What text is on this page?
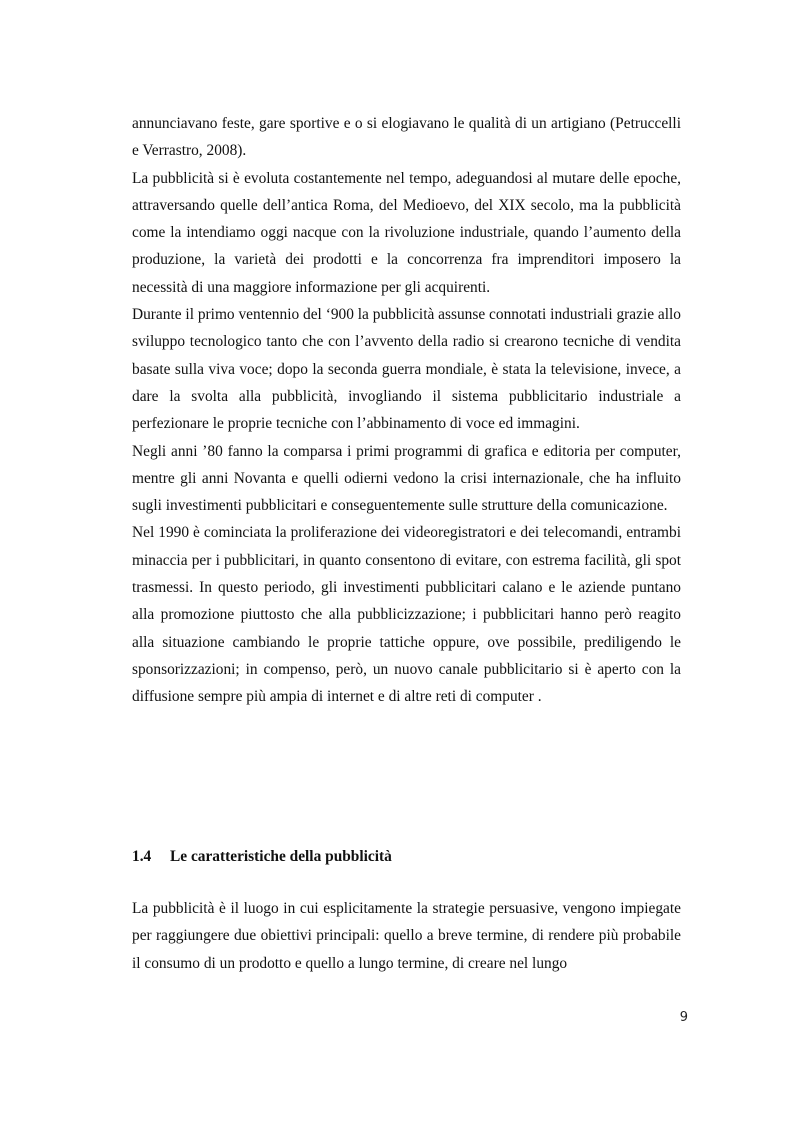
annunciavano feste, gare sportive e o si elogiavano le qualità di un artigiano (Petruccelli e Verrastro, 2008).

La pubblicità si è evoluta costantemente nel tempo, adeguandosi al mutare delle epoche, attraversando quelle dell’antica Roma, del Medioevo, del XIX secolo, ma la pubblicità come la intendiamo oggi nacque con la rivoluzione industriale, quando l’aumento della produzione, la varietà dei prodotti e la concorrenza fra imprenditori imposero la necessità di una maggiore informazione per gli acquirenti.

Durante il primo ventennio del ‘900 la pubblicità assunse connotati industriali grazie allo sviluppo tecnologico tanto che con l’avvento della radio si crearono tecniche di vendita basate sulla viva voce; dopo la seconda guerra mondiale, è stata la televisione, invece, a dare la svolta alla pubblicità, invogliando il sistema pubblicitario industriale a perfezionare le proprie tecniche con l’abbinamento di voce ed immagini.

Negli anni ’80 fanno la comparsa i primi programmi di grafica e editoria per computer, mentre gli anni Novanta e quelli odierni vedono la crisi internazionale, che ha influito sugli investimenti pubblicitari e conseguentemente sulle strutture della comunicazione.

Nel 1990 è cominciata la proliferazione dei videoregistratori e dei telecomandi, entrambi minaccia per i pubblicitari, in quanto consentono di evitare, con estrema facilità, gli spot trasmessi. In questo periodo, gli investimenti pubblicitari calano e le aziende puntano alla promozione piuttosto che alla pubblicizzazione; i pubblicitari hanno però reagito alla situazione cambiando le proprie tattiche oppure, ove possibile, prediligendo le sponsorizzazioni; in compenso, però, un nuovo canale pubblicitario si è aperto con la diffusione sempre più ampia di internet e di altre reti di computer .

1.4 Le caratteristiche della pubblicità

La pubblicità è il luogo in cui esplicitamente la strategie persuasive, vengono impiegate per raggiungere due obiettivi principali: quello a breve termine, di rendere più probabile il consumo di un prodotto e quello a lungo termine, di creare nel lungo

9
